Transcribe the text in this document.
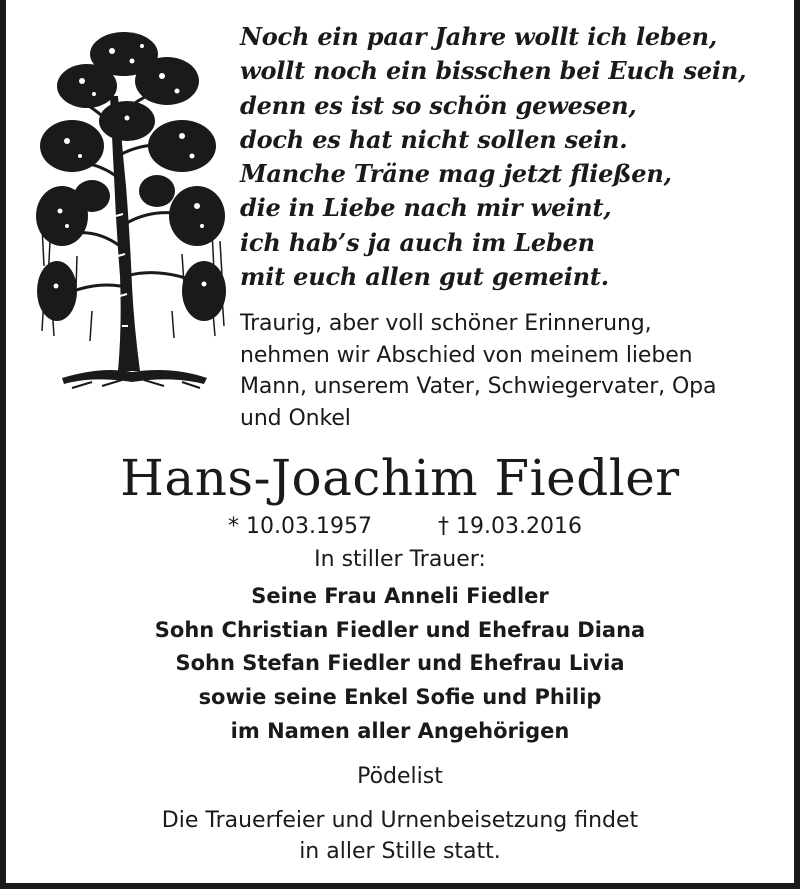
Noch ein paar Jahre wollt ich leben,
wollt noch ein bisschen bei Euch sein,
denn es ist so schön gewesen,
doch es hat nicht sollen sein.
Manche Träne mag jetzt fließen,
die in Liebe nach mir weint,
ich hab’s ja auch im Leben
mit euch allen gut gemeint.
Traurig, aber voll schöner Erinnerung,
nehmen wir Abschied von meinem lieben
Mann, unserem Vater, Schwiegervater, Opa
und Onkel
Hans-Joachim Fiedler
* 10.03.1957	† 19.03.2016
In stiller Trauer:
Seine Frau Anneli Fiedler
Sohn Christian Fiedler und Ehefrau Diana
Sohn Stefan Fiedler und Ehefrau Livia
sowie seine Enkel Sofie und Philip
im Namen aller Angehörigen
Pödelist
Die Trauerfeier und Urnenbeisetzung findet
in aller Stille statt.
